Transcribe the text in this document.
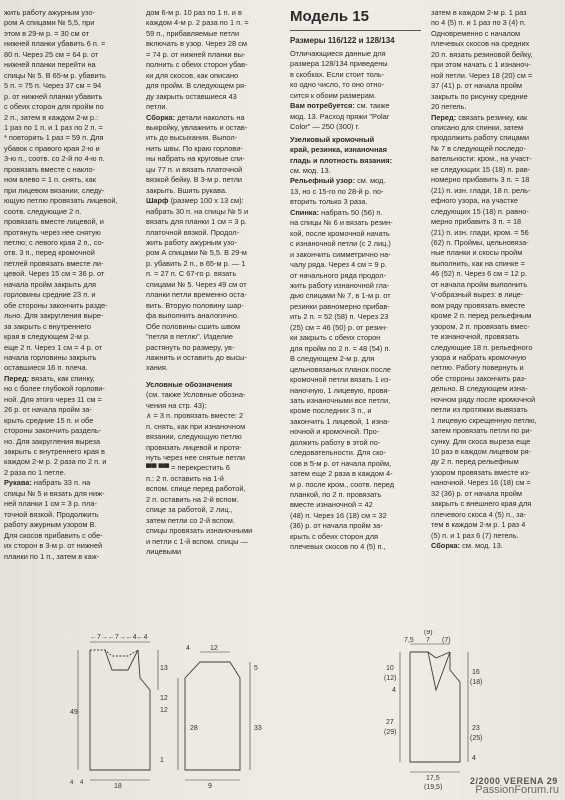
жить работу ажурным узо-
ром А спицами № 5,5, при
этом в 29-м р. = 30 см от
нижней планки убавить 6 п. =
80 п. Через 25 см = 64 р. от
нижней планки перейти на
спицы № 5. В 65-м р. убавить
5 п. = 75 п. Через 37 см = 94
р. от нижней планки убавить
с обеих сторон для пройм по
2 п., затем в каждом 2-м р.:
1 раз по 1 п. и 1 раз по 2 п. =
* повторить 1 раз = 59 п. Для
убавок с правого края 2-ю и
3-ю п., соотв. со 2-й по 4-ю п.
провязать вместе с накло-
ном влево = 1 п. снять, как
при лицевом вязании, следу-
ющую петлю провязать лицевой,
соотв. следующие 2 п.
провязать вместе лицевой, и
протянуть через нее снятую
петлю; с левого края 2 п., со-
отв. 3 п., перед кромочной
петлей провязать вместе ли-
цевой. Через 15 см = 36 р. от
начала пройм закрыть для
горловины средние 23 п. и
обе стороны закончить разде-
льно. Для закругления выре-
за закрыть с внутреннего
края в следующем 2-м р.
еще 2 п. Через 1 см = 4 р. от
начала горловины закрыть
оставшиеся 16 п. плеча.

Перед: вязать, как спинку,

но с более глубокой горлови-
ной. Для этого через 11 см =
26 р. от начала пройм за-
крыть средние 15 п. и обе
стороны закончить раздель-
но. Для закругления выреза
закрыть с внутреннего края в
каждом 2-м р. 2 раза по 2 п. и
2 раза по 1 петле.

Рукава: набрать 33 п. на

спицы № 5 и вязать для ниж-
ней планки 1 см = 3 р. пла-
точной вязкой. Продолжить
работу ажурным узором В.
Для скосов прибавить с обе-
их сторон в 3-м р. от нижней
планки по 1 п., затем в каж-
дом 6-м р. 10 раз по 1 п. и в
каждом 4-м р. 2 раза по 1 п. =
59 п., прибавляемые петли
включать в узор. Через 28 см
= 74 р. от нижней планки вы-
полнить с обеих сторон убав-
ки для скосов, как описано
для пройм. В следующем ря-
ду закрыть оставшиеся 43
петли.

Сборка: детали наколоть на

выкройку, увлажнить и остав-
ить до высыхания. Выпол-
нить швы. По краю горлови-
ны набрать на круговые спи-
цы 77 п. и вязать платочной
вязкой бейку. В 3-м р. петли
закрыть. Вшить рукава.

Шарф (размер 100 х 13 см):

набрать 30 п. на спицы № 5 и
вязать для планки 1 см = 3 р.
платочной вязкой. Продол-
жить работу ажурным узо-
ром А спицами № 5,5. В 29-м
р. убавить 2 п., в 65-м р. — 1
п. = 27 п. С 67-го р. вязать
спицами № 5. Через 49 см от
планки петли временно оста-
вить. Вторую половину шар-
фа выполнить аналогично.
Обе половины сшить швом
"петля в петлю". Изделие
растянуть по размеру, ув-
лажнить и оставить до высы-
хания.

Условные обозначения

(см. также Условные обозна-
чения на стр. 43):
∧ = 3 п. провязать вместе: 2
п. снять, как при изнаночном
вязании, следующую петлю
провязать лицевой и протя-
нуть через нее снятые петли
▀▀ ▀▀ = перекрестить 6
п.: 2 п. оставить на 1-й
вспом. спице перед работой,
2 п. оставить на 2-й вспом.
спице за работой, 2 лиц.,
затем петли со 2-й вспом.
спицы провязать изнаночными
и петли с 1-й вспом. спицы —
лицевыми
Модель 15
Размеры 116/122 и 128/134
Отличающиеся данные для
размера 128/134 приведены
в скобках. Если стоит толь-
ко одно число, то оно отно-
сится к обоим размерам.

Вам потребуется: см. также

мод. 13. Расход пряжи "Polar
Color" — 250 (300) г.
Узелковый кромочный
край, резинка, изнаночная
гладь и плотность вязания:
см. мод. 13.

Рельефный узор: см. мод.

13, но с 15-го по 28-й р. по-
вторить только 3 раза.

Спинка: набрать 50 (56) п.

на спицы № 6 и вязать резин-
кой, после кромочной начать
с изнаночной петли (с 2 лиц.)
и закончить симметрично на-
чалу ряда. Через 4 см = 9 р.
от начального ряда продол-
жить работу изнаночной гла-
дью спицами № 7, в 1-м р. от
резинки равномерно прибав-
ить 2 п. = 52 (58) п. Через 23
(25) см = 46 (50) р. от резин-
ки закрыть с обеих сторон
для пройм по 2 п. = 48 (54) п.
В следующем 2-м р. для
цельновязаных планок после
кромочной петли вязать 1 из-
наночную, 1 лицевую, провя-
зать изнаночными все петли,
кроме последних 3 п., и
закончить 1 лицевой, 1 изна-
ночной и кромочной. Про-
должить работу в этой по-
следовательности. Для ско-
сов в 5-м р. от начала пройм,
затем еще 2 раза в каждом 4-
м р. после кром., соотв. перед
планкой, по 2 п. провязать
вместе изнаночной = 42
(48) п. Через 16 (18) см = 32
(36) р. от начала пройм за-
крыть с обеих сторон для
плечевых скосов по 4 (5) п.,
затем в каждом 2-м р. 1 раз
по 4 (5) п. и 1 раз по 3 (4) п.
Одновременно с началом
плечевых скосов на средних
20 п. вязать резиновой бейку,
при этом начать с 1 изнаноч-
ной петли. Через 18 (20) см =
37 (41) р. от начала пройм
закрыть по рисунку средние
20 петель.

Перед: связать резинку, как

описано для спинки, затем
продолжить работу спицами
№ 7 в следующей последо-
вательности: кром., на участ-
ке следующих 15 (18) п. рав-
номерно прибавить 3 п. = 18
(21) п. изн. глади, 18 п. рель-
ефного узора, на участке
следующих 15 (18) п. равно-
мерно прибавить 3 п. = 18
(21) п. изн. глади, кром. = 56
(62) п. Проймы, цельновяза-
ные планки и скосы пройм
выполнить, как на спинке =
46 (52) п. Через 6 см = 12 р.
от начала пройм выполнить
V-образный вырез: в лице-
вом ряду провязать вместе
кроме 2 п. перед рельефным
узором, 2 п. провязать вмес-
те изнаночной, провязать
следующие 18 п. рельефного
узора и набрать кромочную
петлю. Работу повернуть и
обе стороны закончить раз-
дельно. В следующем изна-
ночном ряду после кромочной
петли из протяжки вывязать
1 лицевую скрещенную петлю,
затем провязать петли по ри-
сунку. Для скоса выреза еще
10 раз в каждом лицевом ря-
ду 2 п. перед рельефным
узором провязать вместе из-
наночной. Через 16 (18) см =
32 (36) р. от начала пройм
закрыть с внешнего края для
плечевого скоса 4 (5) п., за-
тем в каждом 2-м р. 1 раз 4
(5) п. и 1 раз 6 (7) петель.

Сборка: см. мод. 13.

←7→←7→←4←4
49
13
12
12
1
18
4 4
4	12
28	33
5
9
(9)
7,5 7 (7)
10
(12)
4
16
(18)
23
(25)
27
(29)
4
17,5
(19,5)
2/2000 VERENA 29
PassionForum.ru
